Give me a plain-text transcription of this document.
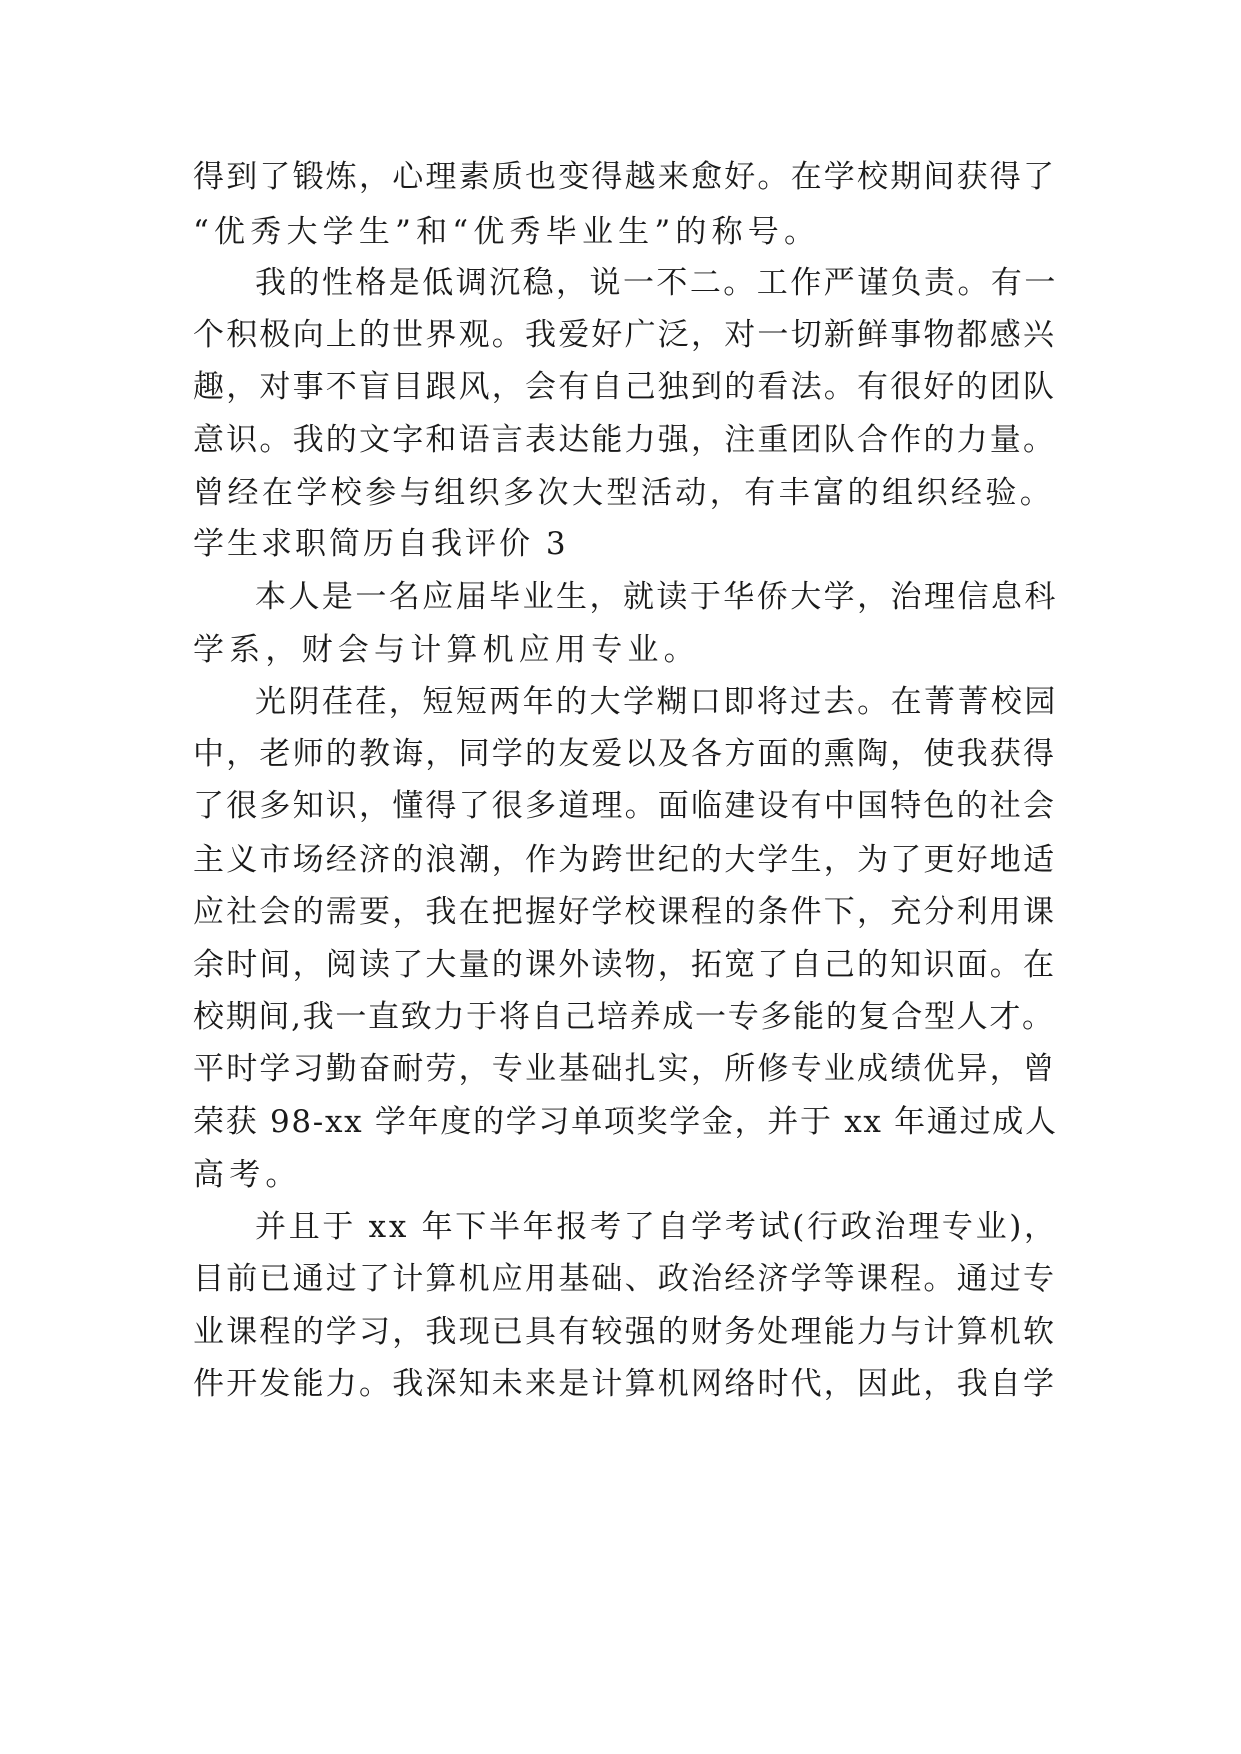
得到了锻炼，心理素质也变得越来愈好。在学校期间获得了
“优秀大学生”和“优秀毕业生”的称号。
我的性格是低调沉稳，说一不二。工作严谨负责。有一
个积极向上的世界观。我爱好广泛，对一切新鲜事物都感兴
趣，对事不盲目跟风，会有自己独到的看法。有很好的团队
意识。我的文字和语言表达能力强，注重团队合作的力量。
曾经在学校参与组织多次大型活动，有丰富的组织经验。
学生求职简历自我评价 3
本人是一名应届毕业生，就读于华侨大学，治理信息科
学系，财会与计算机应用专业。
光阴荏荏，短短两年的大学糊口即将过去。在菁菁校园
中，老师的教诲，同学的友爱以及各方面的熏陶，使我获得
了很多知识，懂得了很多道理。面临建设有中国特色的社会
主义市场经济的浪潮，作为跨世纪的大学生，为了更好地适
应社会的需要，我在把握好学校课程的条件下，充分利用课
余时间，阅读了大量的课外读物，拓宽了自己的知识面。在
校期间,我一直致力于将自己培养成一专多能的复合型人才。
平时学习勤奋耐劳，专业基础扎实，所修专业成绩优异，曾
荣获 98-xx 学年度的学习单项奖学金，并于 xx 年通过成人
高考。
并且于 xx 年下半年报考了自学考试(行政治理专业)，
目前已通过了计算机应用基础、政治经济学等课程。通过专
业课程的学习，我现已具有较强的财务处理能力与计算机软
件开发能力。我深知未来是计算机网络时代，因此，我自学
